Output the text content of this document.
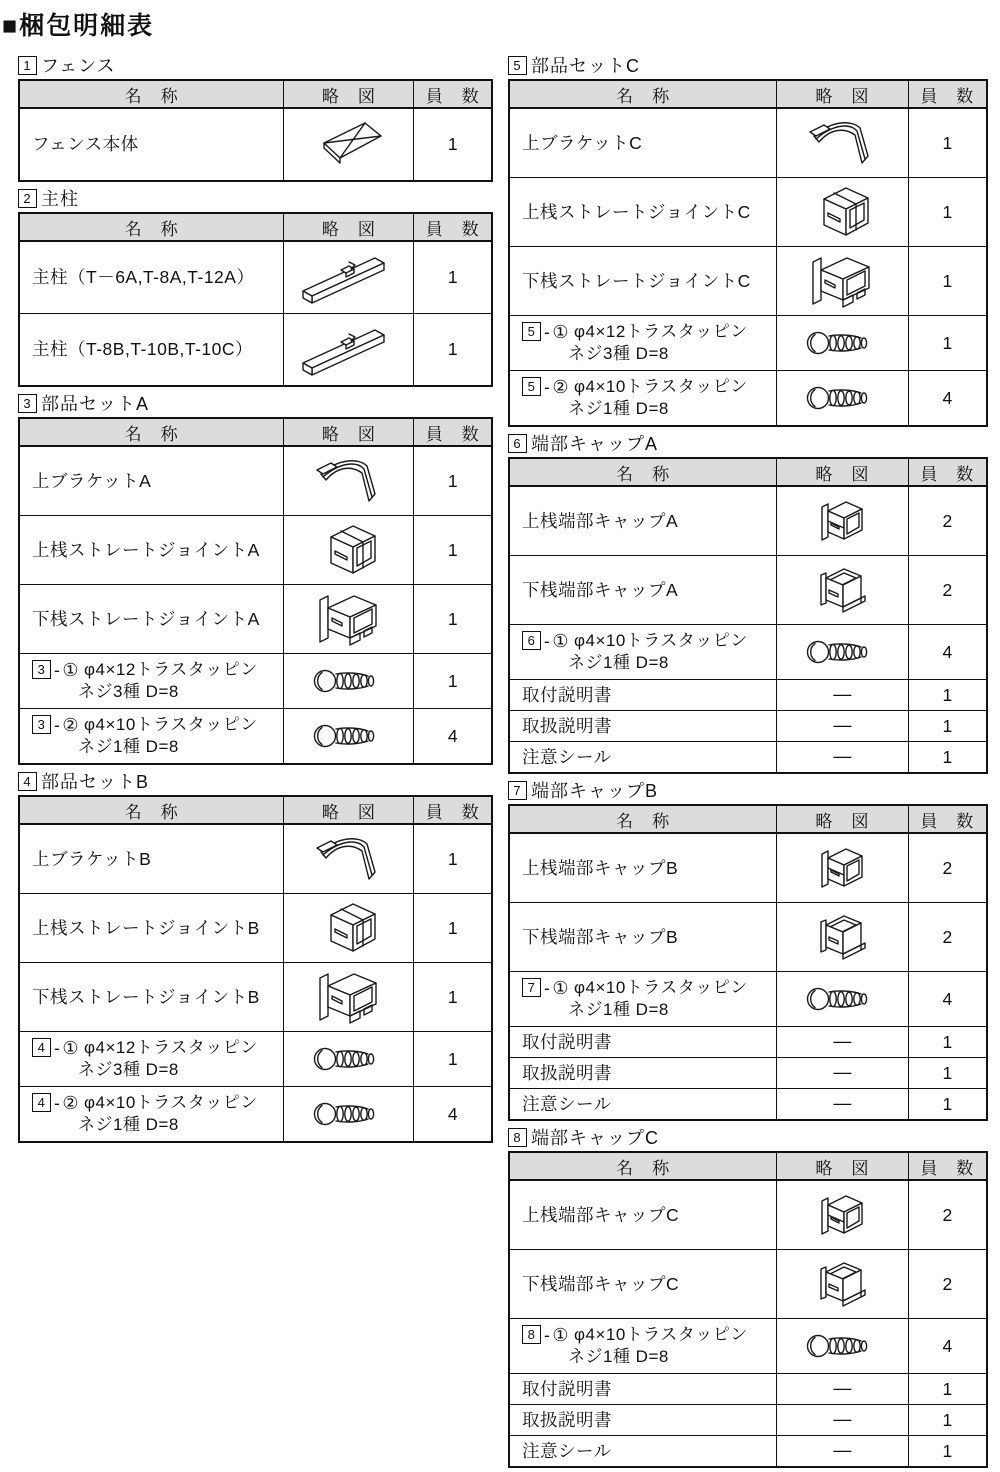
■梱包明細表
1 フェンス
名　称	略　図	員　数
フェンス本体		1
2 主柱
名　称	略　図	員　数
主柱（T－6A,T-8A,T-12A）		1
主柱（T-8B,T-10B,T-10C）		1
3 部品セットA
名　称	略　図	員　数
上ブラケットA		1
上桟ストレートジョイントA		1
下桟ストレートジョイントA		1

3 - ① φ4×12トラスタッピン
ネジ3種 D=8		1

3 - ② φ4×10トラスタッピン
ネジ1種 D=8		4
4 部品セットB
名　称	略　図	員　数
上ブラケットB		1
上桟ストレートジョイントB		1
下桟ストレートジョイントB		1

4 - ① φ4×12トラスタッピン
ネジ3種 D=8		1

4 - ② φ4×10トラスタッピン
ネジ1種 D=8		4
5 部品セットC
名　称	略　図	員　数
上ブラケットC		1
上桟ストレートジョイントC		1
下桟ストレートジョイントC		1

5 - ① φ4×12トラスタッピン
ネジ3種 D=8		1

5 - ② φ4×10トラスタッピン
ネジ1種 D=8		4
6 端部キャップA
名　称	略　図	員　数
上桟端部キャップA		2
下桟端部キャップA		2

6 - ① φ4×10トラスタッピン
ネジ1種 D=8		4
取付説明書	—	1
取扱説明書	—	1
注意シール	—	1
7 端部キャップB
名　称	略　図	員　数
上桟端部キャップB		2
下桟端部キャップB		2

7 - ① φ4×10トラスタッピン
ネジ1種 D=8		4
取付説明書	—	1
取扱説明書	—	1
注意シール	—	1
8 端部キャップC
名　称	略　図	員　数
上桟端部キャップC		2
下桟端部キャップC		2

8 - ① φ4×10トラスタッピン
ネジ1種 D=8		4
取付説明書	—	1
取扱説明書	—	1
注意シール	—	1
